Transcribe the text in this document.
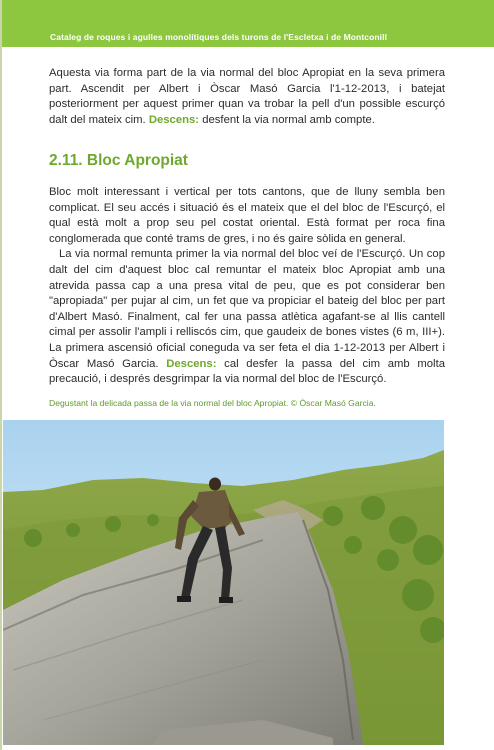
Cataleg de roques i agulles monolítiques dels turons de l'Escletxa i de Montconill

Aquesta via forma part de la via normal del bloc Apropiat en la seva primera part. Ascendit per Albert i Òscar Masó Garcia l'1-12-2013, i batejat posteriorment per aquest primer quan va trobar la pell d'un possible escurçó dalt del mateix cim. Descens: desfent la via normal amb compte.

2.11. Bloc Apropiat

Bloc molt interessant i vertical per tots cantons, que de lluny sembla ben complicat. El seu accés i situació és el mateix que el del bloc de l'Escurçó, el qual està molt a prop seu pel costat oriental. Està format per roca fina conglomerada que conté trams de gres, i no és gaire sòlida en general.

La via normal remunta primer la via normal del bloc veí de l'Escurçó. Un cop dalt del cim d'aquest bloc cal remuntar el mateix bloc Apropiat amb una atrevida passa cap a una presa vital de peu, que es pot considerar ben "apropiada" per pujar al cim, un fet que va propiciar el bateig del bloc per part d'Albert Masó. Finalment, cal fer una passa atlètica agafant-se al llis cantell cimal per assolir l'ampli i relliscós cim, que gaudeix de bones vistes (6 m, III+). La primera ascensió oficial coneguda va ser feta el dia 1-12-2013 per Albert i Òscar Masó Garcia. Descens: cal desfer la passa del cim amb molta precaució, i després desgrimpar la via normal del bloc de l'Escurçó.

Degustant la delicada passa de la via normal del bloc Apropiat. © Òscar Masó Garcia.
